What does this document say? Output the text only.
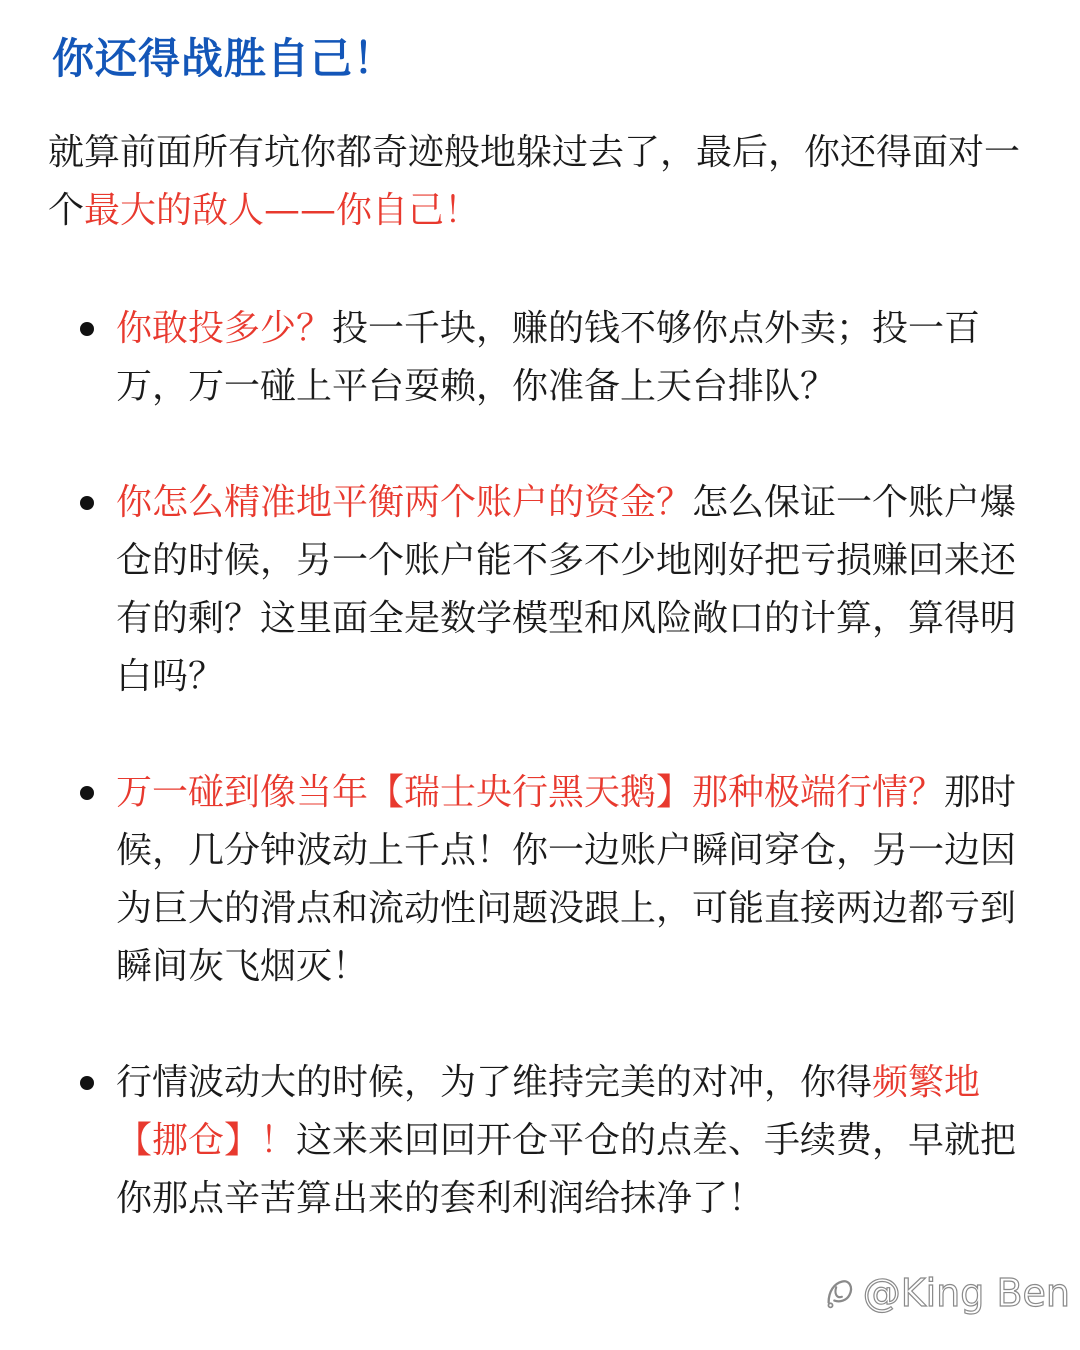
你还得战胜自己！
就算前面所有坑你都奇迹般地躲过去了，最后，你还得面对一个最大的敌人——你自己！
你敢投多少？投一千块，赚的钱不够你点外卖；投一百万，万一碰上平台耍赖，你准备上天台排队？
你怎么精准地平衡两个账户的资金？怎么保证一个账户爆仓的时候，另一个账户能不多不少地刚好把亏损赚回来还有的剩？这里面全是数学模型和风险敞口的计算，算得明白吗？
万一碰到像当年【瑞士央行黑天鹅】那种极端行情？那时候，几分钟波动上千点！你一边账户瞬间穿仓，另一边因为巨大的滑点和流动性问题没跟上，可能直接两边都亏到瞬间灰飞烟灭！
行情波动大的时候，为了维持完美的对冲，你得频繁地【挪仓】！这来来回回开仓平仓的点差、手续费，早就把你那点辛苦算出来的套利利润给抹净了！
@King Ben
